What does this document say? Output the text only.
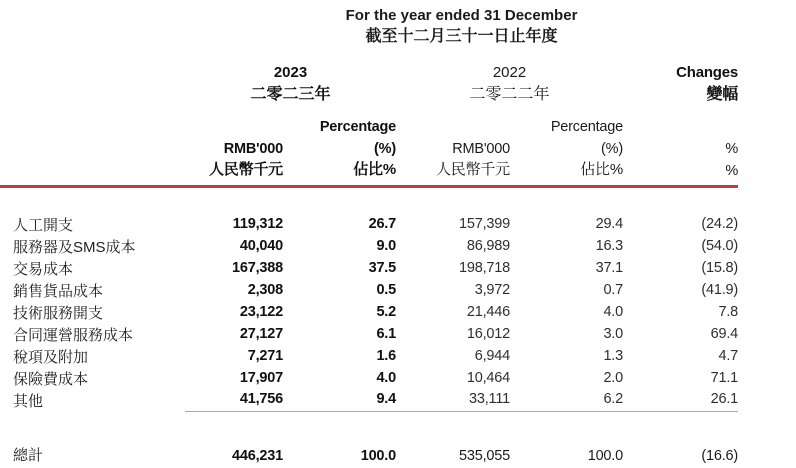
	For the year ended 31 December
截至十二月三十一日止年度				

2023
二零二三年

2022
二零二二年

Changes
變幅

		Percentage		Percentage	
	RMB'000	(%)	RMB'000	(%)	%
	人民幣千元	佔比%	人民幣千元	佔比%	%

人工開支	119,312	26.7	157,399	29.4	(24.2)
服務器及SMS成本	40,040	9.0	86,989	16.3	(54.0)
交易成本	167,388	37.5	198,718	37.1	(15.8)
銷售貨品成本	2,308	0.5	3,972	0.7	(41.9)
技術服務開支	23,122	5.2	21,446	4.0	7.8
合同運營服務成本	27,127	6.1	16,012	3.0	69.4
稅項及附加	7,271	1.6	6,944	1.3	4.7
保險費成本	17,907	4.0	10,464	2.0	71.1
其他	41,756	9.4	33,111	6.2	26.1

總計	446,231	100.0	535,055	100.0	(16.6)
